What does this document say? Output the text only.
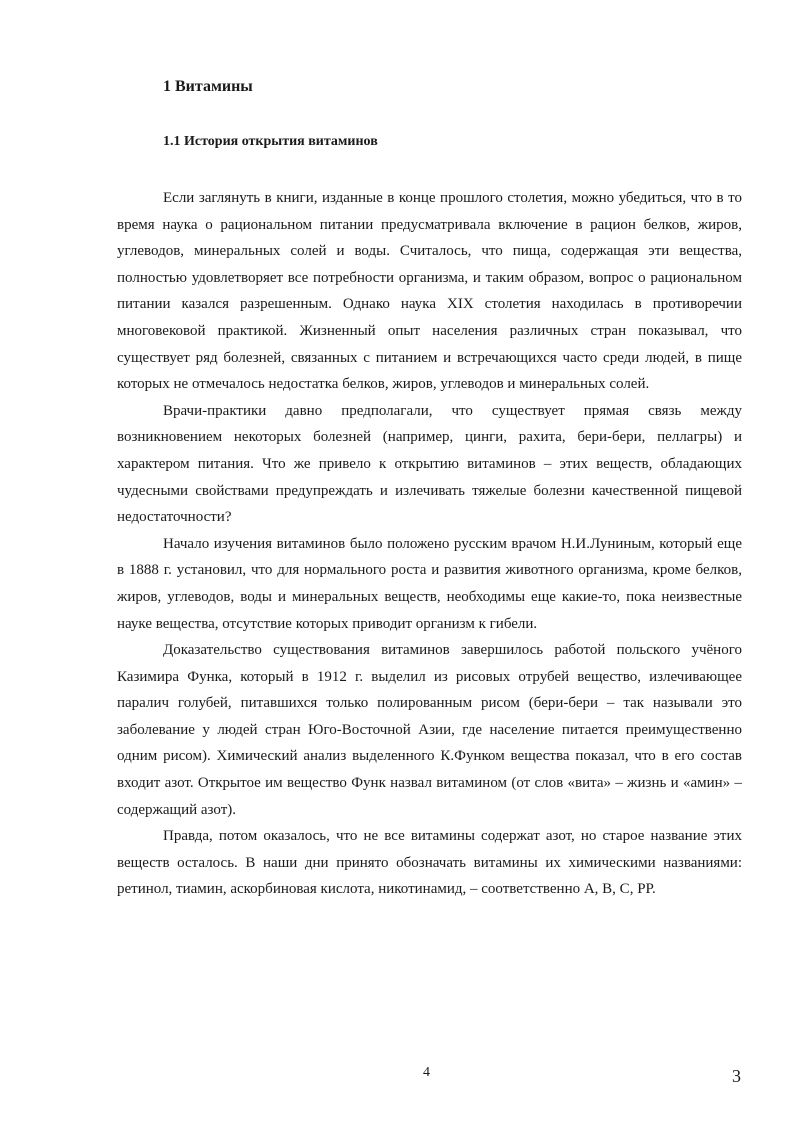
1 Витамины
1.1 История открытия витаминов

Если заглянуть в книги, изданные в конце прошлого столетия, можно убедиться, что в то время наука о рациональном питании предусматривала включение в рацион белков, жиров, углеводов, минеральных солей и воды. Считалось, что пища, содержащая эти вещества, полностью удовлетворяет все потребности организма, и таким образом, вопрос о рациональном питании казался разрешенным. Однако наука XIX столетия находилась в противоречии многовековой практикой. Жизненный опыт населения различных стран показывал, что существует ряд болезней, связанных с питанием и встречающихся часто среди людей, в пище которых не отмечалось недостатка белков, жиров, углеводов и минеральных солей.

Врачи-практики давно предполагали, что существует прямая связь между возникновением некоторых болезней (например, цинги, рахита, бери-бери, пеллагры) и характером питания. Что же привело к открытию витаминов – этих веществ, обладающих чудесными свойствами предупреждать и излечивать тяжелые болезни качественной пищевой недостаточности?

Начало изучения витаминов было положено русским врачом Н.И.Луниным, который еще в 1888 г. установил, что для нормального роста и развития животного организма, кроме белков, жиров, углеводов, воды и минеральных веществ, необходимы еще какие-то, пока неизвестные науке вещества, отсутствие которых приводит организм к гибели.

Доказательство существования витаминов завершилось работой польского учёного Казимира Функа, который в 1912 г. выделил из рисовых отрубей вещество, излечивающее паралич голубей, питавшихся только полированным рисом (бери-бери – так называли это заболевание у людей стран Юго-Восточной Азии, где население питается преимущественно одним рисом). Химический анализ выделенного К.Функом вещества показал, что в его состав входит азот. Открытое им вещество Функ назвал витамином (от слов «вита» – жизнь и «амин» – содержащий азот).

Правда, потом оказалось, что не все витамины содержат азот, но старое название этих веществ осталось. В наши дни принято обозначать витамины их химическими названиями: ретинол, тиамин, аскорбиновая кислота, никотинамид, – соответственно А, В, С, РР.

4	3
